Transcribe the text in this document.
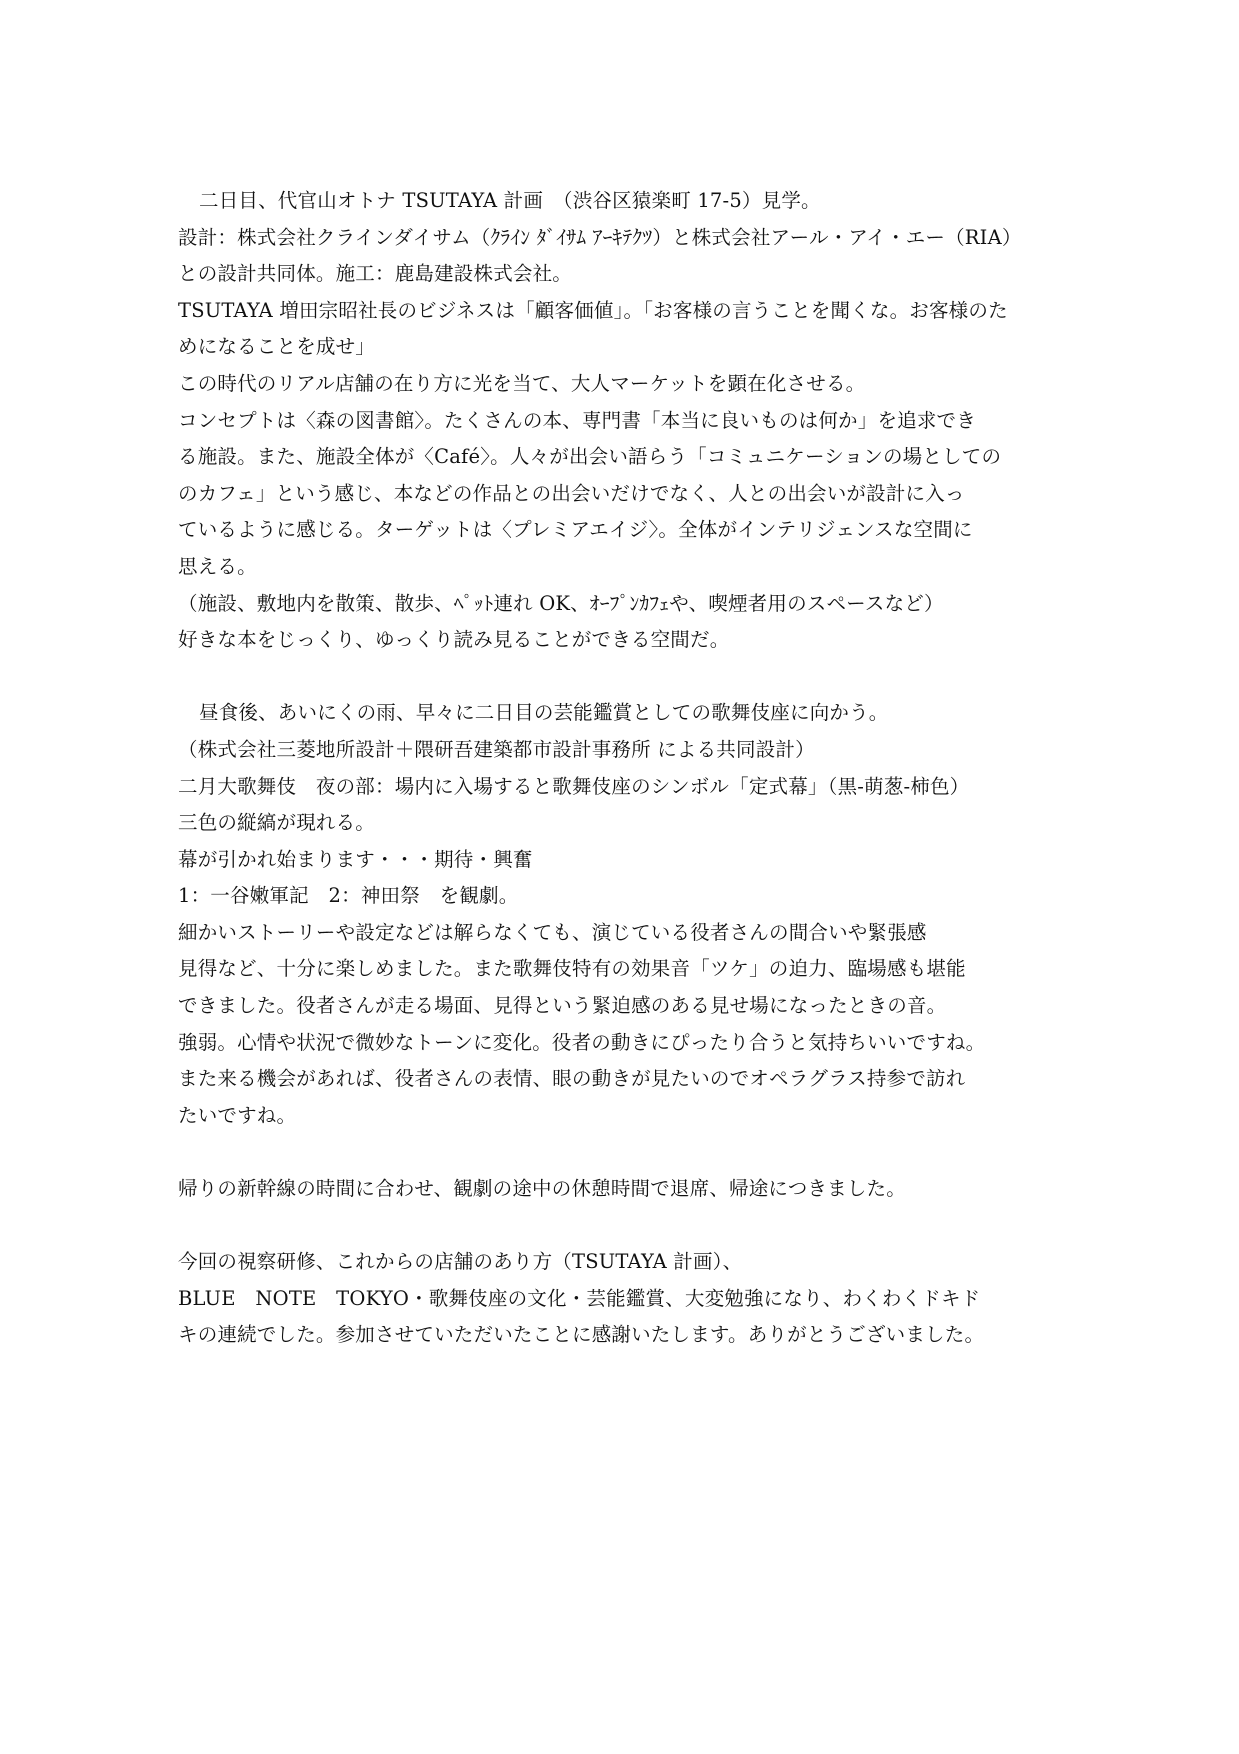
二日目、代官山オトナ TSUTAYA 計画　（渋谷区猿楽町 17-5）見学。
設計：株式会社クラインダイサム（ｸﾗｲﾝ ﾀﾞｲｻﾑ ｱｰｷﾃｸﾂ）と株式会社アール・アイ・エー（RIA）
との設計共同体。施工：鹿島建設株式会社。
TSUTAYA 増田宗昭社長のビジネスは「顧客価値」。「お客様の言うことを聞くな。お客様のた
めになることを成せ」
この時代のリアル店舗の在り方に光を当て、大人マーケットを顕在化させる。
コンセプトは〈森の図書館〉。たくさんの本、専門書「本当に良いものは何か」を追求でき
る施設。また、施設全体が〈Café〉。人々が出会い語らう「コミュニケーションの場としての
のカフェ」という感じ、本などの作品との出会いだけでなく、人との出会いが設計に入っ
ているように感じる。ターゲットは〈プレミアエイジ〉。全体がインテリジェンスな空間に
思える。
（施設、敷地内を散策、散歩、ﾍﾟｯﾄ連れ OK、ｵｰﾌﾟﾝｶﾌｪや、喫煙者用のスペースなど）
好きな本をじっくり、ゆっくり読み見ることができる空間だ。
昼食後、あいにくの雨、早々に二日目の芸能鑑賞としての歌舞伎座に向かう。
（株式会社三菱地所設計＋隈研吾建築都市設計事務所 による共同設計）
二月大歌舞伎　夜の部：場内に入場すると歌舞伎座のシンボル「定式幕」（黒-萌葱-柿色）
三色の縦縞が現れる。
幕が引かれ始まります・・・期待・興奮
1：一谷嫩軍記　2：神田祭　を観劇。
細かいストーリーや設定などは解らなくても、演じている役者さんの間合いや緊張感
見得など、十分に楽しめました。また歌舞伎特有の効果音「ツケ」の迫力、臨場感も堪能
できました。役者さんが走る場面、見得という緊迫感のある見せ場になったときの音。
強弱。心情や状況で微妙なトーンに変化。役者の動きにぴったり合うと気持ちいいですね。
また来る機会があれば、役者さんの表情、眼の動きが見たいのでオペラグラス持参で訪れ
たいですね。
帰りの新幹線の時間に合わせ、観劇の途中の休憩時間で退席、帰途につきました。
今回の視察研修、これからの店舗のあり方（TSUTAYA 計画）、
BLUE　NOTE　TOKYO・歌舞伎座の文化・芸能鑑賞、大変勉強になり、わくわくドキド
キの連続でした。参加させていただいたことに感謝いたします。ありがとうございました。
